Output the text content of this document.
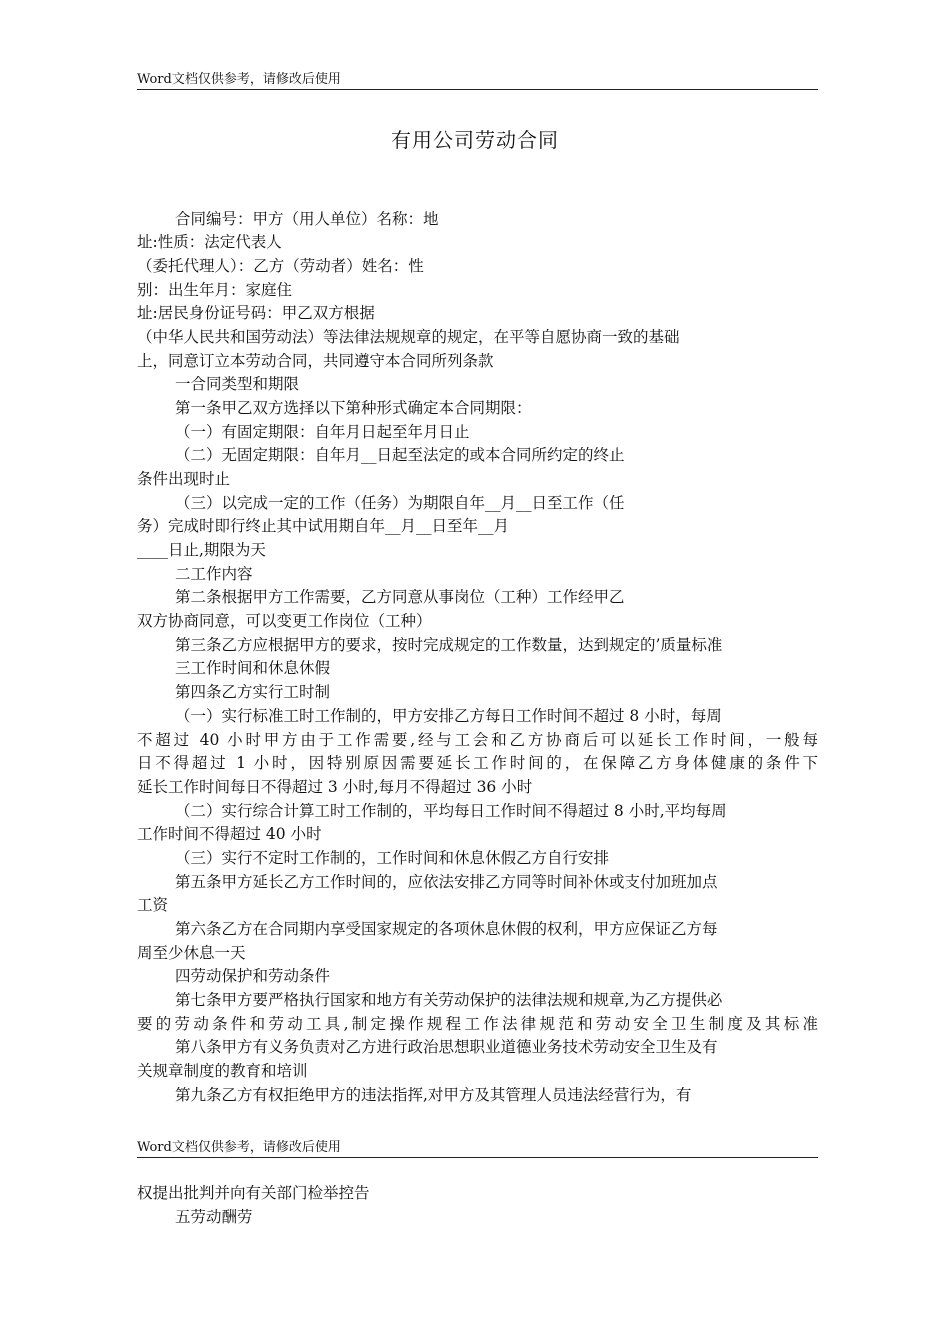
Word文档仅供参考，请修改后使用
有用公司劳动合同
合同编号：甲方（用人单位）名称：地
址:性质：法定代表人
（委托代理人）：乙方（劳动者）姓名：性
别：出生年月：家庭住
址:居民身份证号码：甲乙双方根据
（中华人民共和国劳动法）等法律法规规章的规定，在平等自愿协商一致的基础
上，同意订立本劳动合同，共同遵守本合同所列条款
一合同类型和期限
第一条甲乙双方选择以下第种形式确定本合同期限：
（一）有固定期限：自年月日起至年月日止
（二）无固定期限：自年月__日起至法定的或本合同所约定的终止
条件出现时止
（三）以完成一定的工作（任务）为期限自年__月__日至工作（任
务）完成时即行终止其中试用期自年__月__日至年__月
____日止,期限为天
二工作内容
第二条根据甲方工作需要，乙方同意从事岗位（工种）工作经甲乙
双方协商同意，可以变更工作岗位（工种）
第三条乙方应根据甲方的要求，按时完成规定的工作数量，达到规定的’质量标准
三工作时间和休息休假
第四条乙方实行工时制
（一）实行标准工时工作制的，甲方安排乙方每日工作时间不超过 8 小时，每周
不超过 40 小时甲方由于工作需要,经与工会和乙方协商后可以延长工作时间，一般每
日不得超过 1 小时，因特别原因需要延长工作时间的，在保障乙方身体健康的条件下
延长工作时间每日不得超过 3 小时,每月不得超过 36 小时
（二）实行综合计算工时工作制的，平均每日工作时间不得超过 8 小时,平均每周
工作时间不得超过 40 小时
（三）实行不定时工作制的，工作时间和休息休假乙方自行安排
第五条甲方延长乙方工作时间的，应依法安排乙方同等时间补休或支付加班加点
工资
第六条乙方在合同期内享受国家规定的各项休息休假的权利，甲方应保证乙方每
周至少休息一天
四劳动保护和劳动条件
第七条甲方要严格执行国家和地方有关劳动保护的法律法规和规章,为乙方提供必
要的劳动条件和劳动工具,制定操作规程工作法律规范和劳动安全卫生制度及其标准
第八条甲方有义务负责对乙方进行政治思想职业道德业务技术劳动安全卫生及有
关规章制度的教育和培训
第九条乙方有权拒绝甲方的违法指挥,对甲方及其管理人员违法经营行为，有
Word文档仅供参考，请修改后使用
权提出批判并向有关部门检举控告
五劳动酬劳
